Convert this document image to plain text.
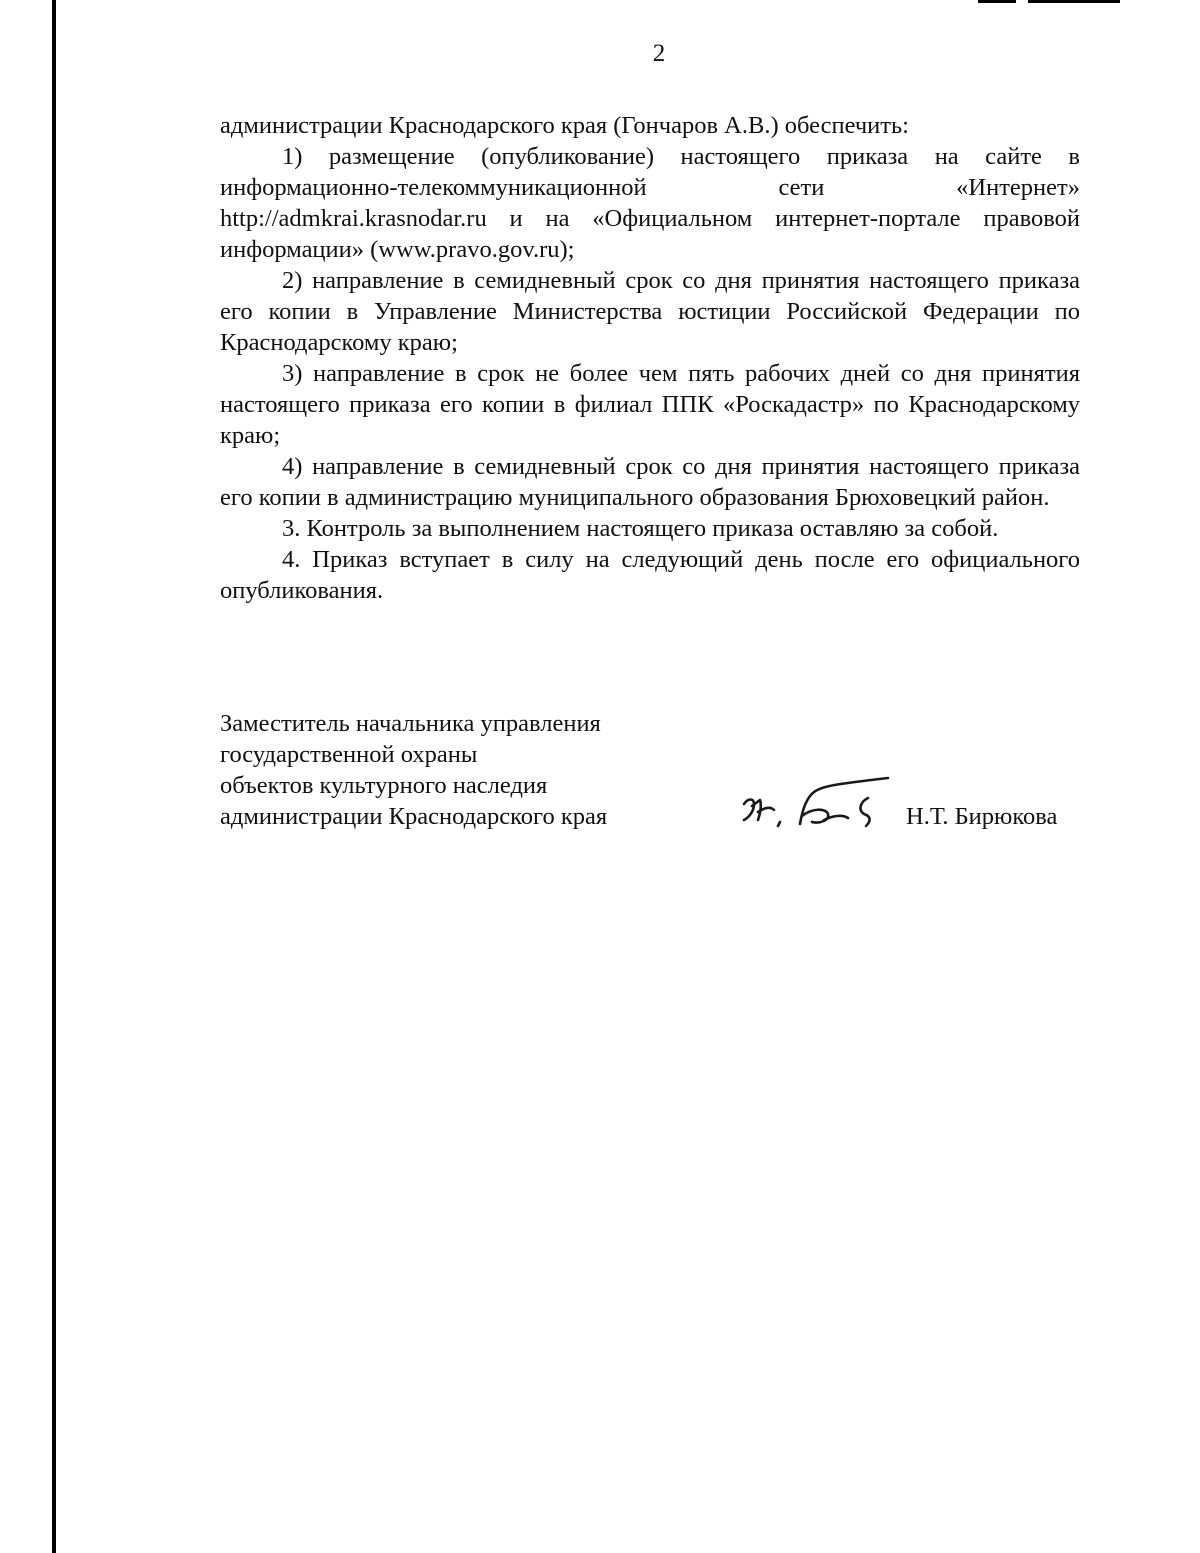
2

администрации Краснодарского края (Гончаров А.В.) обеспечить:

1) размещение (опубликование) настоящего приказа на сайте в информационно-телекоммуникационной сети «Интернет» http://admkrai.krasnodar.ru и на «Официальном интернет-портале правовой информации» (www.pravo.gov.ru);

2) направление в семидневный срок со дня принятия настоящего приказа его копии в Управление Министерства юстиции Российской Федерации по Краснодарскому краю;

3) направление в срок не более чем пять рабочих дней со дня принятия настоящего приказа его копии в филиал ППК «Роскадастр» по Краснодарскому краю;

4) направление в семидневный срок со дня принятия настоящего приказа его копии в администрацию муниципального образования Брюховецкий район.

3. Контроль за выполнением настоящего приказа оставляю за собой.

4. Приказ вступает в силу на следующий день после его официального опубликования.

Заместитель начальника управления
государственной охраны
объектов культурного наследия
администрации Краснодарского края	Н.Т. Бирюкова
